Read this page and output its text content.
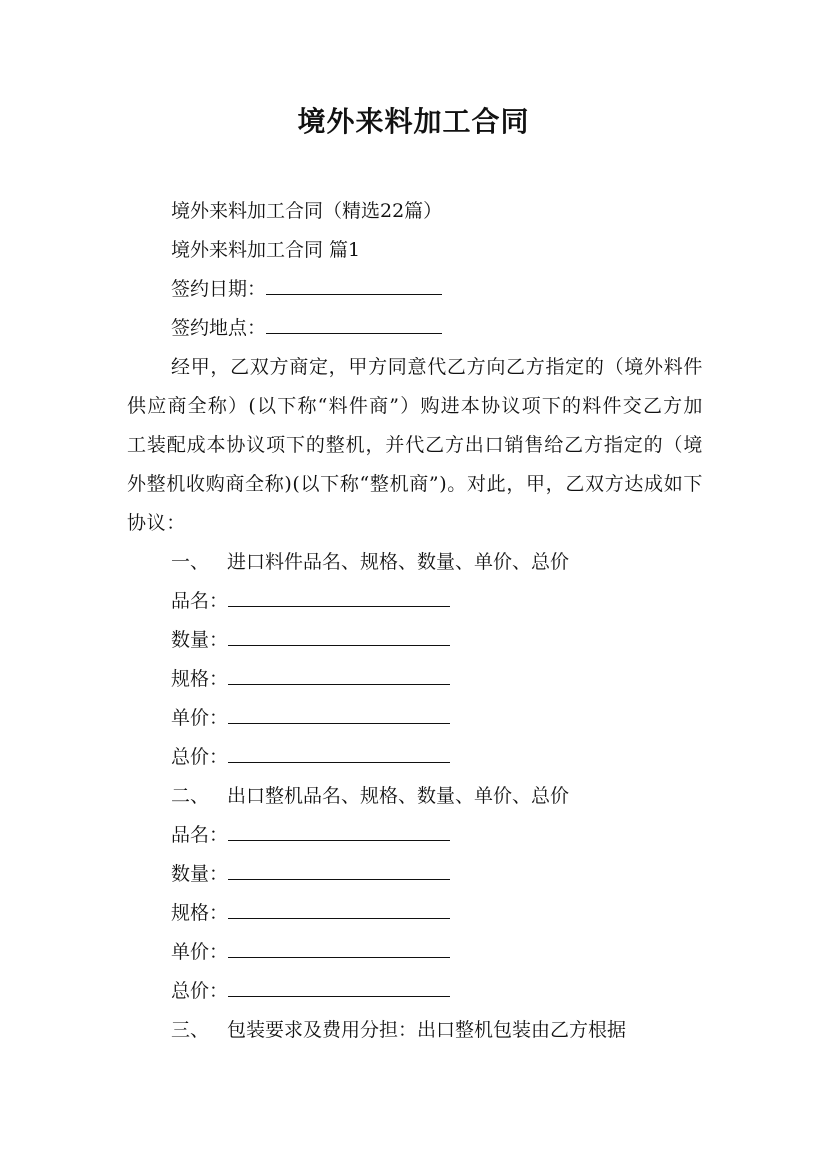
境外来料加工合同

境外来料加工合同（精选22篇）

境外来料加工合同 篇1

签约日期：

签约地点：

经甲，乙双方商定，甲方同意代乙方向乙方指定的（境外料件供应商全称）(以下称“料件商”）购进本协议项下的料件交乙方加工装配成本协议项下的整机，并代乙方出口销售给乙方指定的（境外整机收购商全称)(以下称“整机商”)。对此，甲，乙双方达成如下协议：

一、 进口料件品名、规格、数量、单价、总价

品名：

数量：

规格：

单价：

总价：

二、 出口整机品名、规格、数量、单价、总价

品名：

数量：

规格：

单价：

总价：

三、 包装要求及费用分担：出口整机包装由乙方根据
